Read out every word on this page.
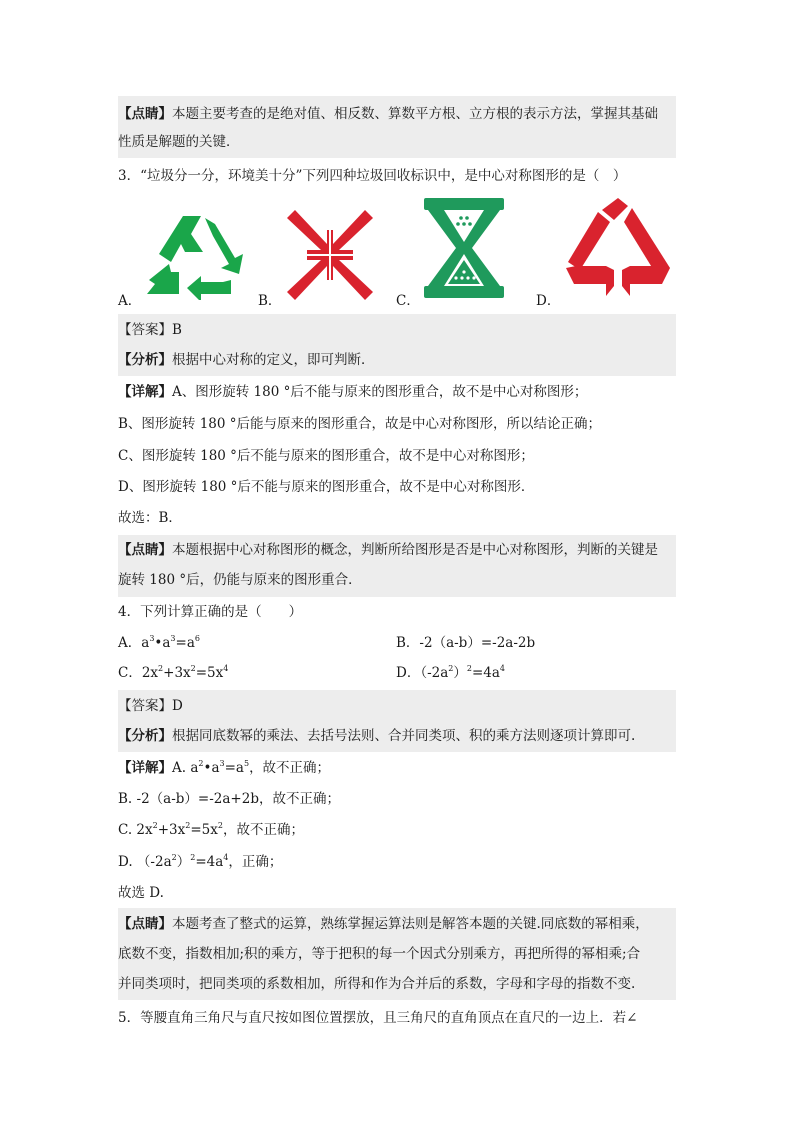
【点睛】本题主要考查的是绝对值、相反数、算数平方根、立方根的表示方法，掌握其基础
性质是解题的关键．
3．“垃圾分一分，环境美十分”下列四种垃圾回收标识中，是中心对称图形的是（　）
A．	B．	C．	D．
【答案】B
【分析】根据中心对称的定义，即可判断．
【详解】A、图形旋转 180 °后不能与原来的图形重合，故不是中心对称图形；
B、图形旋转 180 °后能与原来的图形重合，故是中心对称图形，所以结论正确；
C、图形旋转 180 °后不能与原来的图形重合，故不是中心对称图形；
D、图形旋转 180 °后不能与原来的图形重合，故不是中心对称图形．
故选：B．
【点睛】本题根据中心对称图形的概念，判断所给图形是否是中心对称图形，判断的关键是
旋转 180 °后，仍能与原来的图形重合．
4．下列计算正确的是（　　）
A．$a^3•a^3=a^6$	B．-2（a-b）=-2a-2b
C．$2x^2+3x^2=5x^4$	D．$(-2a^2)^2=4a^4$
【答案】D
【分析】根据同底数幂的乘法、去括号法则、合并同类项、积的乘方法则逐项计算即可.
【详解】A. $a^2•a^3=a^5$，故不正确；
B. -2（a-b）=-2a+2b，故不正确；
C. $2x^2+3x^2=5x^2$，故不正确；
D. $(-2a^2)^2=4a^4$，正确；
故选 D.
【点睛】本题考查了整式的运算，熟练掌握运算法则是解答本题的关键.同底数的幂相乘，
底数不变，指数相加;积的乘方，等于把积的每一个因式分别乘方，再把所得的幂相乘;合
并同类项时，把同类项的系数相加，所得和作为合并后的系数，字母和字母的指数不变.
5．等腰直角三角尺与直尺按如图位置摆放，且三角尺的直角顶点在直尺的一边上．若∠
